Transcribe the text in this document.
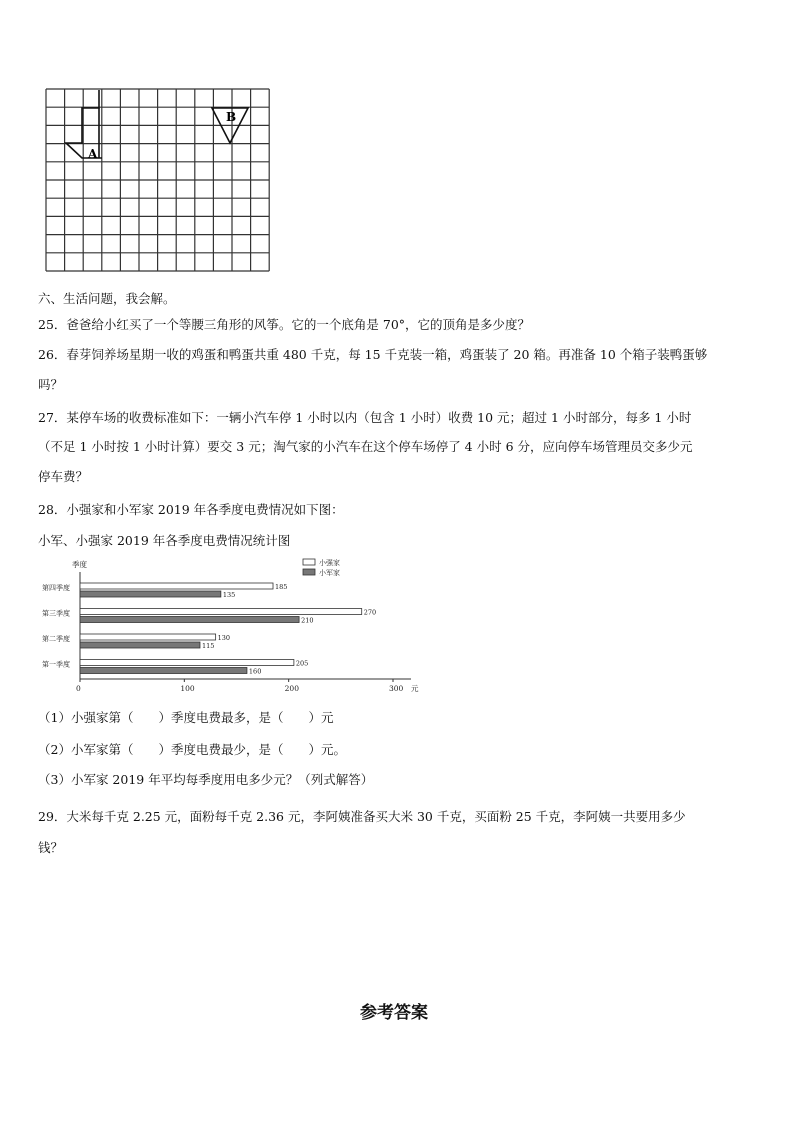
A
B
六、生活问题，我会解。
25．爸爸给小红买了一个等腰三角形的风筝。它的一个底角是 70°，它的顶角是多少度？
26．春芽饲养场星期一收的鸡蛋和鸭蛋共重 480 千克，每 15 千克装一箱，鸡蛋装了 20 箱。再准备 10 个箱子装鸭蛋够
吗？
27．某停车场的收费标准如下：一辆小汽车停 1 小时以内（包含 1 小时）收费 10 元；超过 1 小时部分，每多 1 小时
（不足 1 小时按 1 小时计算）要交 3 元；淘气家的小汽车在这个停车场停了 4 小时 6 分，应向停车场管理员交多少元
停车费？
28．小强家和小军家 2019 年各季度电费情况如下图：
小军、小强家 2019 年各季度电费情况统计图
季度
0	100	200	300 元
第四季度	185
135
第三季度	270
210
第二季度	130
115
第一季度	205
160
小强家
小军家
（1）小强家第（　　）季度电费最多，是（　　）元
（2）小军家第（　　）季度电费最少，是（　　）元。
（3）小军家 2019 年平均每季度用电多少元？（列式解答）
29．大米每千克 2.25 元，面粉每千克 2.36 元，李阿姨准备买大米 30 千克，买面粉 25 千克，李阿姨一共要用多少
钱？
参考答案
